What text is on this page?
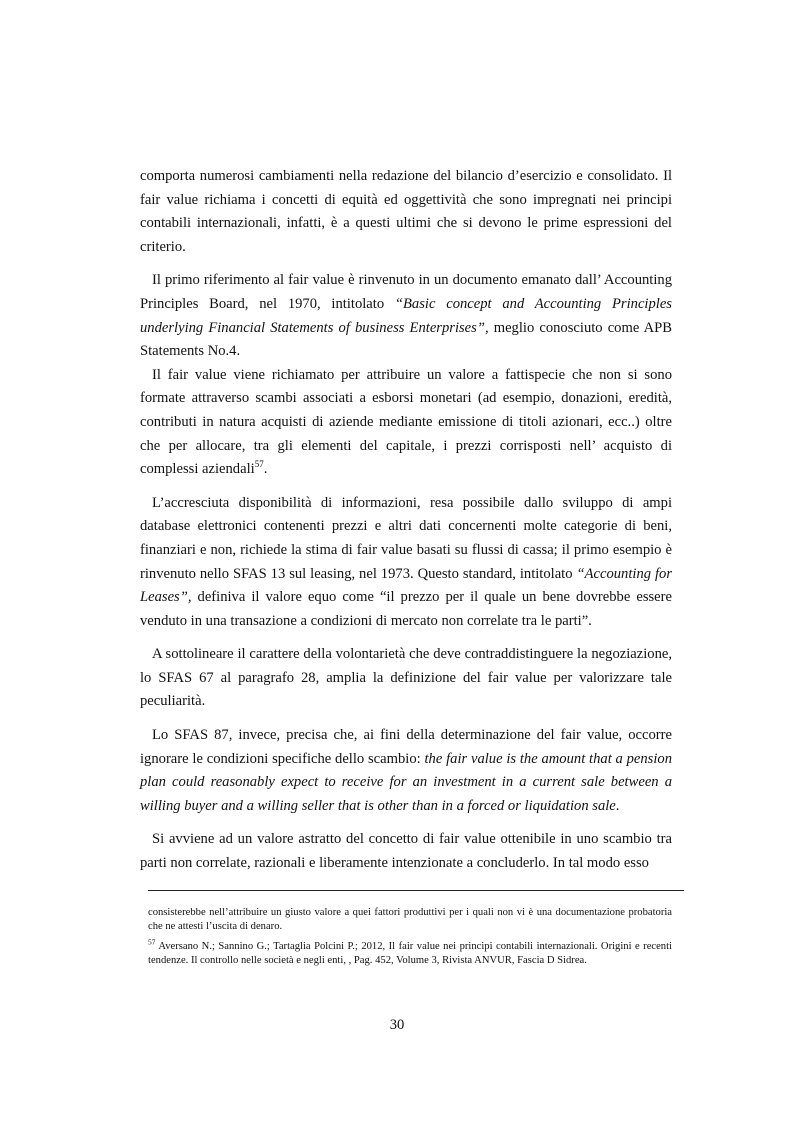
comporta numerosi cambiamenti nella redazione del bilancio d’esercizio e consolidato. Il fair value richiama i concetti di equità ed oggettività che sono impregnati nei principi contabili internazionali, infatti, è a questi ultimi che si devono le prime espressioni del criterio.

Il primo riferimento al fair value è rinvenuto in un documento emanato dall’ Accounting Principles Board, nel 1970, intitolato “Basic concept and Accounting Principles underlying Financial Statements of business Enterprises”, meglio conosciuto come APB Statements No.4.

Il fair value viene richiamato per attribuire un valore a fattispecie che non si sono formate attraverso scambi associati a esborsi monetari (ad esempio, donazioni, eredità, contributi in natura acquisti di aziende mediante emissione di titoli azionari, ecc..) oltre che per allocare, tra gli elementi del capitale, i prezzi corrisposti nell’ acquisto di complessi aziendali$^{57}$.

L’accresciuta disponibilità di informazioni, resa possibile dallo sviluppo di ampi database elettronici contenenti prezzi e altri dati concernenti molte categorie di beni, finanziari e non, richiede la stima di fair value basati su flussi di cassa; il primo esempio è rinvenuto nello SFAS 13 sul leasing, nel 1973. Questo standard, intitolato “Accounting for Leases”, definiva il valore equo come “il prezzo per il quale un bene dovrebbe essere venduto in una transazione a condizioni di mercato non correlate tra le parti”.

A sottolineare il carattere della volontarietà che deve contraddistinguere la negoziazione, lo SFAS 67 al paragrafo 28, amplia la definizione del fair value per valorizzare tale peculiarità.

Lo SFAS 87, invece, precisa che, ai fini della determinazione del fair value, occorre ignorare le condizioni specifiche dello scambio: the fair value is the amount that a pension plan could reasonably expect to receive for an investment in a current sale between a willing buyer and a willing seller that is other than in a forced or liquidation sale.

Si avviene ad un valore astratto del concetto di fair value ottenibile in uno scambio tra parti non correlate, razionali e liberamente intenzionate a concluderlo. In tal modo esso

consisterebbe nell’attribuire un giusto valore a quei fattori produttivi per i quali non vi è una documentazione probatoria che ne attesti l’uscita di denaro.

$^{57}$ Aversano N.; Sannino G.; Tartaglia Polcini P.; 2012, Il fair value nei principi contabili internazionali. Origini e recenti tendenze. Il controllo nelle società e negli enti, , Pag. 452, Volume 3, Rivista ANVUR, Fascia D Sidrea.

30
